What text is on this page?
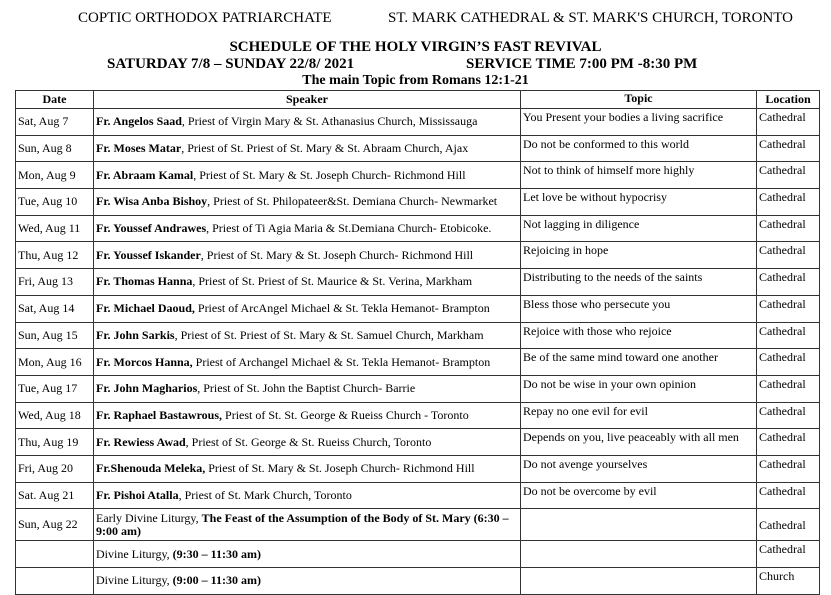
COPTIC ORTHODOX PATRIARCHATE	ST. MARK CATHEDRAL & ST. MARK'S CHURCH, TORONTO
SCHEDULE OF THE HOLY VIRGIN’S FAST REVIVAL
SATURDAY 7/8 – SUNDAY 22/8/ 2021	SERVICE TIME 7:00 PM -8:30 PM
The main Topic from Romans 12:1-21
Date	Speaker	Topic	Location
Sat, Aug 7	Fr. Angelos Saad, Priest of Virgin Mary & St. Athanasius Church, Mississauga	You Present your bodies a living sacrifice	Cathedral
Sun, Aug 8	Fr. Moses Matar, Priest of St. Priest of St. Mary & St. Abraam Church, Ajax	Do not be conformed to this world	Cathedral
Mon, Aug 9	Fr. Abraam Kamal, Priest of St. Mary & St. Joseph Church- Richmond Hill	Not to think of himself more highly	Cathedral
Tue, Aug 10	Fr. Wisa Anba Bishoy, Priest of St. Philopateer&St. Demiana Church- Newmarket	Let love be without hypocrisy	Cathedral
Wed, Aug 11	Fr. Youssef Andrawes, Priest of Ti Agia Maria & St.Demiana Church- Etobicoke.	Not lagging in diligence	Cathedral
Thu, Aug 12	Fr. Youssef Iskander, Priest of St. Mary & St. Joseph Church- Richmond Hill	Rejoicing in hope	Cathedral
Fri, Aug 13	Fr. Thomas Hanna, Priest of St. Priest of St. Maurice & St. Verina, Markham	Distributing to the needs of the saints	Cathedral
Sat, Aug 14	Fr. Michael Daoud, Priest of ArcAngel Michael & St. Tekla Hemanot- Brampton	Bless those who persecute you	Cathedral
Sun, Aug 15	Fr. John Sarkis, Priest of St. Priest of St. Mary & St. Samuel Church, Markham	Rejoice with those who rejoice	Cathedral
Mon, Aug 16	Fr. Morcos Hanna, Priest of Archangel Michael & St. Tekla Hemanot- Brampton	Be of the same mind toward one another	Cathedral
Tue, Aug 17	Fr. John Magharios, Priest of St. John the Baptist Church- Barrie	Do not be wise in your own opinion	Cathedral
Wed, Aug 18	Fr. Raphael Bastawrous, Priest of St. St. George & Rueiss Church - Toronto	Repay no one evil for evil	Cathedral
Thu, Aug 19	Fr. Rewiess Awad, Priest of St. George & St. Rueiss Church, Toronto	Depends on you, live peaceably with all men	Cathedral
Fri, Aug 20	Fr.Shenouda Meleka, Priest of St. Mary & St. Joseph Church- Richmond Hill	Do not avenge yourselves	Cathedral
Sat. Aug 21	Fr. Pishoi Atalla, Priest of St. Mark Church, Toronto	Do not be overcome by evil	Cathedral
Sun, Aug 22	Early Divine Liturgy, The Feast of the Assumption of the Body of St. Mary (6:30 – 9:00 am)		Cathedral
	Divine Liturgy, (9:30 – 11:30 am)		Cathedral
	Divine Liturgy, (9:00 – 11:30 am)		Church
